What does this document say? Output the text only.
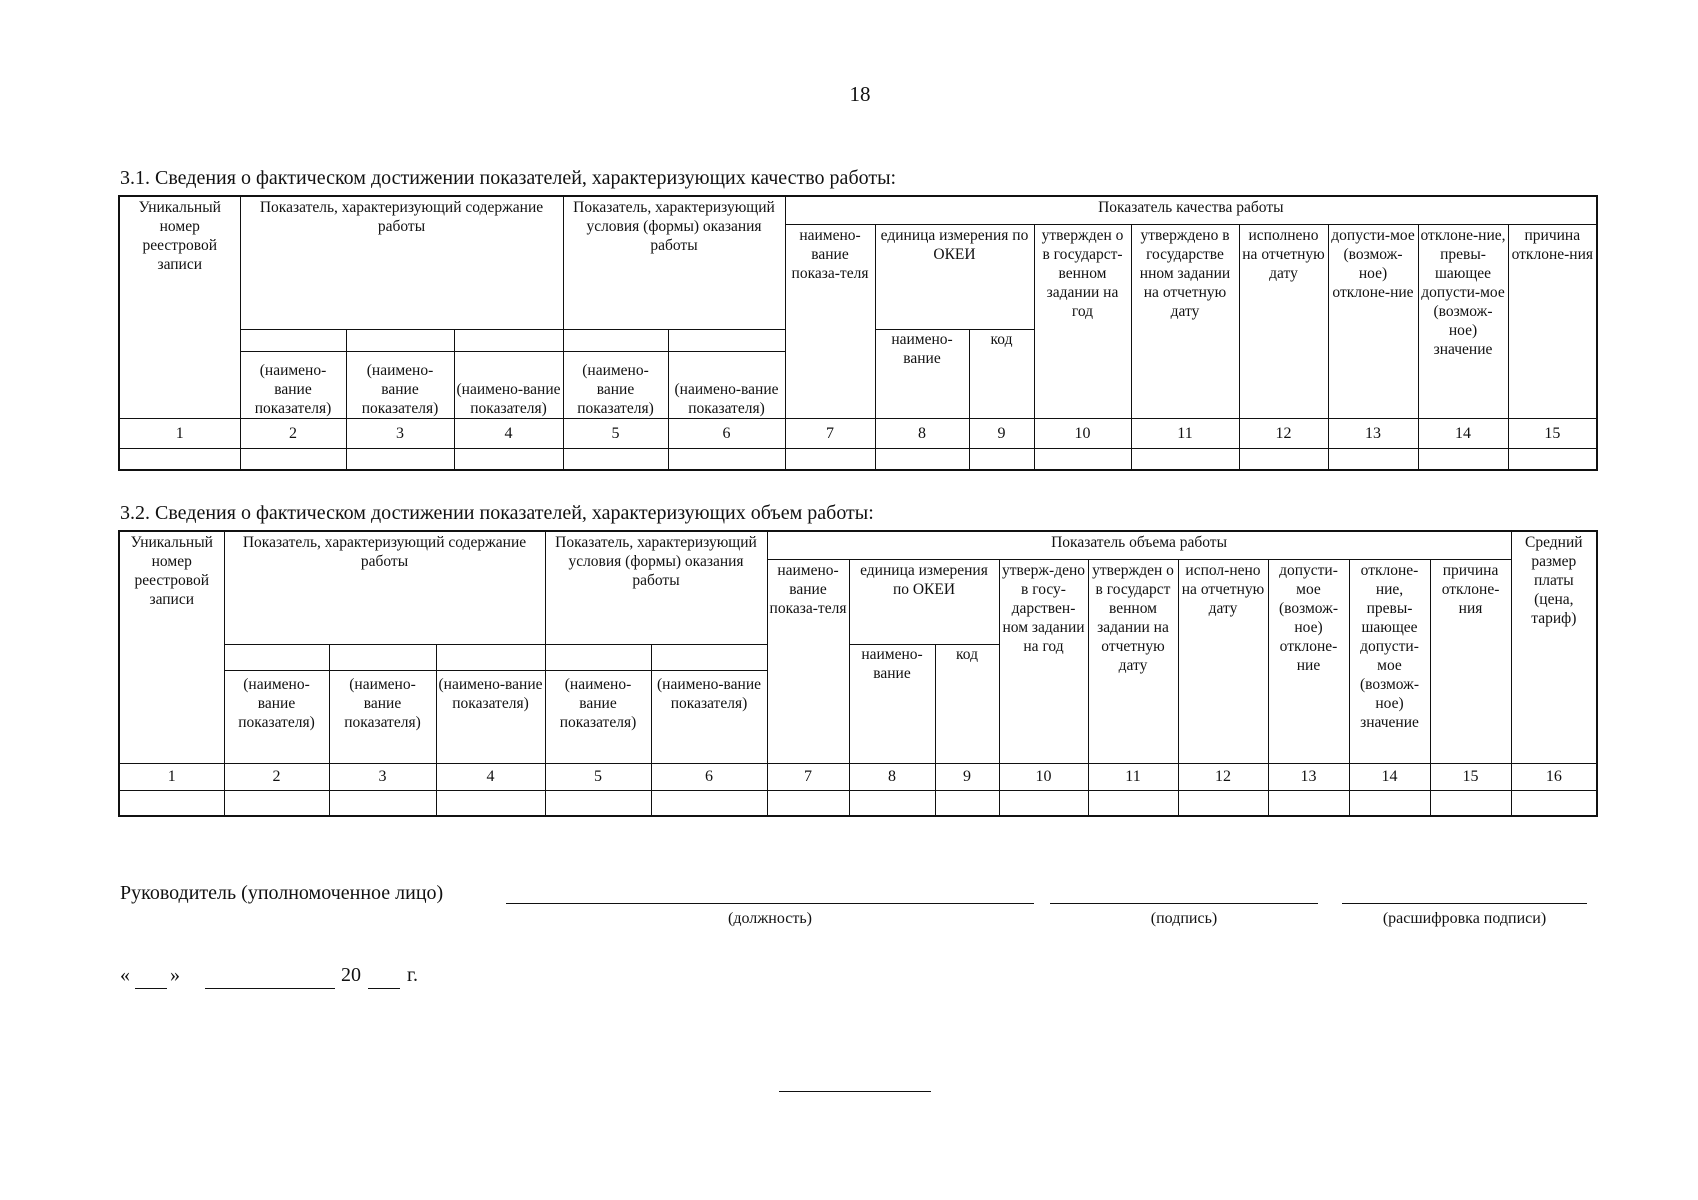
18
3.1. Сведения о фактическом достижении показателей, характеризующих качество работы:
Уникальный номер реестровой записи	Показатель, характеризующий содержание работы			Показатель, характеризующий условия (формы) оказания работы		Показатель качества работы								
						наимено-вание показа-теля	единица измерения по ОКЕИ		утвержден о в государст-венном задании на год	утверждено в государстве нном задании на отчетную дату	исполнено на отчетную дату	допусти-мое (возмож-ное) отклоне-ние	отклоне-ние, превы-шающее допусти-мое (возмож-ное) значение	причина отклоне-ния
							наимено-вание	код						
	(наимено-вание показателя)	(наимено-вание показателя)	(наимено-вание показателя)	(наимено-вание показателя)	(наимено-вание показателя)									
1	2	3	4	5	6	7	8	9	10	11	12	13	14	15

3.2. Сведения о фактическом достижении показателей, характеризующих объем работы:
Уникальный номер реестровой записи	Показатель, характеризующий содержание работы			Показатель, характеризующий условия (формы) оказания работы		Показатель объема работы									Средний размер платы (цена, тариф)
						наимено-вание показа-теля	единица измерения по ОКЕИ		утверж-дено в госу-дарствен-ном задании на год	утвержден о в государст венном задании на отчетную дату	испол-нено на отчетную дату	допусти-мое (возмож-ное) отклоне-ние	отклоне-ние, превы-шающее допусти-мое (возмож-ное) значение	причина отклоне-ния	
							наимено-вание	код							
	(наимено-вание показателя)	(наимено-вание показателя)	(наимено-вание показателя)	(наимено-вание показателя)	(наимено-вание показателя)										
1	2	3	4	5	6	7	8	9	10	11	12	13	14	15	16

Руководитель (уполномоченное лицо)
(должность)	(подпись)	(расшифровка подписи)
« »	20 г.
